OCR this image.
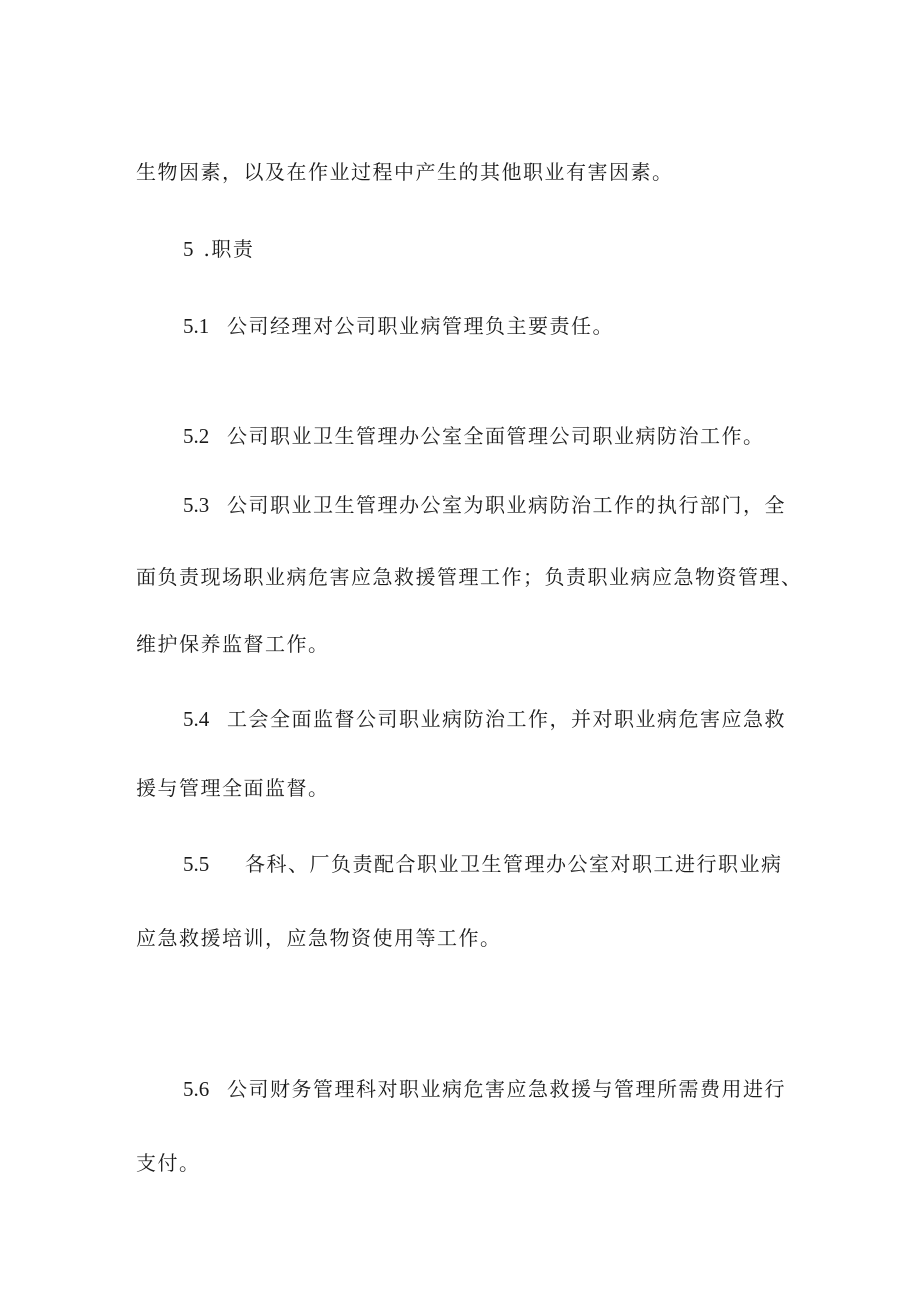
生物因素，以及在作业过程中产生的其他职业有害因素。
5 .职责
5.1 公司经理对公司职业病管理负主要责任。
5.2 公司职业卫生管理办公室全面管理公司职业病防治工作。
5.3 公司职业卫生管理办公室为职业病防治工作的执行部门，全
面负责现场职业病危害应急救援管理工作；负责职业病应急物资管理、
维护保养监督工作。
5.4 工会全面监督公司职业病防治工作，并对职业病危害应急救
援与管理全面监督。
5.5 各科、厂负责配合职业卫生管理办公室对职工进行职业病
应急救援培训，应急物资使用等工作。
5.6 公司财务管理科对职业病危害应急救援与管理所需费用进行
支付。
